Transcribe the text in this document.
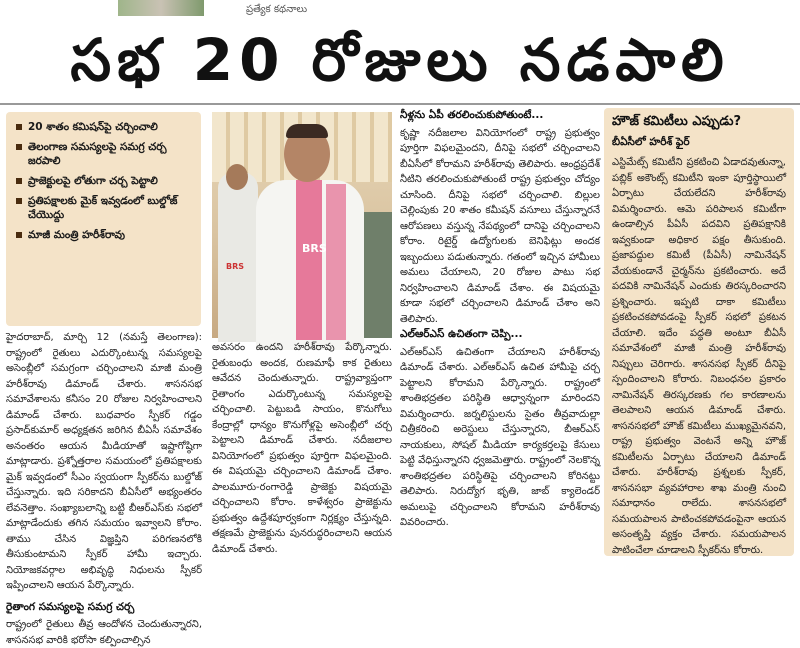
ప్రత్యేక కథనాలు
సభ 20 రోజులు నడపాలి
20 శాతం కమిషన్‌పై చర్చించాలి
తెలంగాణ సమస్యలపై సమగ్ర చర్చ జరపాలి
ప్రాజెక్టులపై లోతుగా చర్చ పెట్టాలి
ప్రతిపక్షాలకు మైక్ ఇవ్వడంలో బుల్డోజ్ చేయొద్దు
మాజీ మంత్రి హరీశ్‌రావు
హైదరాబాద్, మార్చి 12 (నమస్తే తెలంగాణ): రాష్ట్రంలో రైతులు ఎదుర్కొంటున్న సమస్యలపై అసెంబ్లీలో సమగ్రంగా చర్చించాలని మాజీ మంత్రి హరీశ్‌రావు డిమాండ్ చేశారు. శాసనసభ సమావేశాలను కనీసం 20 రోజుల నిర్వహించాలని డిమాండ్ చేశారు. బుధవారం స్పీకర్ గడ్డం ప్రసాద్‌కుమార్ అధ్యక్షతన జరిగిన బీఏసీ సమావేశం అనంతరం ఆయన మీడియాతో ఇష్టాగోష్ఠిగా మాట్లాడారు. ప్రశ్నోత్తరాల సమయంలో ప్రతిపక్షాలకు మైక్ ఇవ్వడంలో సీఎం స్వయంగా స్పీకర్‌ను బుల్డోజ్ చేస్తున్నారు. ఇది సరికాదని బీఏసీలో అభ్యంతరం లేవనెత్తాం. సంఖ్యాబలాన్ని బట్టి బీఆర్ఎస్‌కు సభలో మాట్లాడేందుకు తగిన సమయం ఇవ్వాలని కోరాం. తాము చేసిన విజ్ఞప్తిని పరిగణనలోకి తీసుకుంటామని స్పీకర్ హామీ ఇచ్చారు. నియోజకవర్గాల అభివృద్ధి నిధులను స్పీకర్ ఇప్పించాలని ఆయన పేర్కొన్నారు.
రైతాంగ సమస్యలపై సమగ్ర చర్చ
రాష్ట్రంలో రైతులు తీవ్ర ఆందోళన చెందుతున్నారని, శాసనసభ వారికి భరోసా కల్పించాల్సిన
BRS
BRS
అవసరం ఉందని హరీశ్‌రావు పేర్కొన్నారు. రైతుబంధు అందక, రుణమాఫీ కాక రైతులు ఆవేదన చెందుతున్నారు. రాష్ట్రవ్యాప్తంగా రైతాంగం ఎదుర్కొంటున్న సమస్యలపై చర్చించాలి. పెట్టుబడి సాయం, కొనుగోలు కేంద్రాల్లో ధాన్యం కొనుగోళ్లపై అసెంబ్లీలో చర్చ పెట్టాలని డిమాండ్ చేశారు. నదీజలాల వినియోగంలో ప్రభుత్వం పూర్తిగా విఫలమైంది. ఈ విషయమై చర్చించాలని డిమాండ్ చేశాం. పాలమూరు-రంగారెడ్డి ప్రాజెక్టు విషయమై చర్చించాలని కోరాం. కాళేశ్వరం ప్రాజెక్టును ప్రభుత్వం ఉద్దేశపూర్వకంగా నిర్లక్ష్యం చేస్తున్నది. తక్షణమే ప్రాజెక్టును పునరుద్ధరించాలని ఆయన డిమాండ్ చేశారు.
నీళ్లను ఏపీ తరలించుకుపోతుంటే...
కృష్ణా నదీజలాల వినియోగంలో రాష్ట్ర ప్రభుత్వం పూర్తిగా విఫలమైందని, దీనిపై సభలో చర్చించాలని బీఏసీలో కోరామని హరీశ్‌రావు తెలిపారు. ఆంధ్రప్రదేశ్ నీటిని తరలించుకుపోతుంటే రాష్ట్ర ప్రభుత్వం చోద్యం చూసింది. దీనిపై సభలో చర్చించాలి. బిల్లుల చెల్లింపుకు 20 శాతం కమీషన్ వసూలు చేస్తున్నారనే ఆరోపణలు వస్తున్న నేపథ్యంలో దానిపై చర్చించాలని కోరాం. రిటైర్డ్ ఉద్యోగులకు బెనిఫిట్లు అందక ఇబ్బందులు పడుతున్నారు. గతంలో ఇచ్చిన హామీలు అమలు చేయాలని, 20 రోజుల పాటు సభ నిర్వహించాలని డిమాండ్ చేశాం. ఈ విషయమై కూడా సభలో చర్చించాలని డిమాండ్ చేశాం అని తెలిపారు.
ఎల్‌ఆర్‌ఎస్ ఉచితంగా చెప్పి...
ఎల్‌ఆర్‌ఎస్ ఉచితంగా చేయాలని హరీశ్‌రావు డిమాండ్ చేశారు. ఎల్‌ఆర్‌ఎస్ ఉచిత హామీపై చర్చ పెట్టాలని కోరామని పేర్కొన్నారు. రాష్ట్రంలో శాంతిభద్రతల పరిస్థితి ఆధ్వాన్నంగా మారిందని విమర్శించారు. జర్నలిస్టులను సైతం తీవ్రవాదుల్లా చిత్రీకరించి అరెస్టులు చేస్తున్నారని, బీఆర్ఎస్ నాయకులు, సోషల్ మీడియా కార్యకర్తలపై కేసులు పెట్టి వేధిస్తున్నారని ధ్వజమెత్తారు. రాష్ట్రంలో నెలకొన్న శాంతిభద్రతల పరిస్థితిపై చర్చించాలని కోరినట్టు తెలిపారు. నిరుద్యోగ భృతి, జాబ్ క్యాలెండర్ అమలుపై చర్చించాలని కోరామని హరీశ్‌రావు వివరించారు.
హౌజ్ కమిటీలు ఎప్పుడు?
బీఏసీలో హరీశ్ ఫైర్
ఎస్టిమేట్స్ కమిటీని ప్రకటించి ఏడాదవుతున్నా, పబ్లిక్ అకౌంట్స్ కమిటీని ఇంకా పూర్తిస్థాయిలో ఏర్పాటు చేయలేదని హరీశ్‌రావు విమర్శించారు. ఆమె పరిపాలన కమిటీగా ఉండాల్సిన పీఏసీ పదవిని ప్రతిపక్షానికి ఇవ్వకుండా అధికార పక్షం తీసుకుంది. ప్రజాపద్దుల కమిటీ (పీఏసీ) నామినేషన్ వేయకుండానే చైర్మన్‌ను ప్రకటించారు. అదే పదవికి నామినేషన్ ఎందుకు తిరస్కరించారని ప్రశ్నించారు. ఇప్పటి దాకా కమిటీలు ప్రకటించకపోవడంపై స్పీకర్ సభలో ప్రకటన చేయాలి. ఇదేం పద్ధతి అంటూ బీఏసీ సమావేశంలో మాజీ మంత్రి హరీశ్‌రావు నిప్పులు చెరిగారు. శాసనసభ స్పీకర్ దీనిపై స్పందించాలని కోరారు. నిబంధనల ప్రకారం నామినేషన్ తిరస్కరణకు గల కారణాలను తెలపాలని ఆయన డిమాండ్ చేశారు. శాసనసభలో హౌజ్ కమిటీలు ముఖ్యమైనవని, రాష్ట్ర ప్రభుత్వం వెంటనే అన్ని హౌజ్ కమిటీలను ఏర్పాటు చేయాలని డిమాండ్ చేశారు. హరీశ్‌రావు ప్రశ్నలకు స్పీకర్, శాసనసభా వ్యవహారాల శాఖ మంత్రి నుంచి సమాధానం రాలేదు. శాసనసభలో సమయపాలన పాటించకపోవడంపైనా ఆయన అసంతృప్తి వ్యక్తం చేశారు. సమయపాలన పాటించేలా చూడాలని స్పీకర్‌ను కోరారు.
